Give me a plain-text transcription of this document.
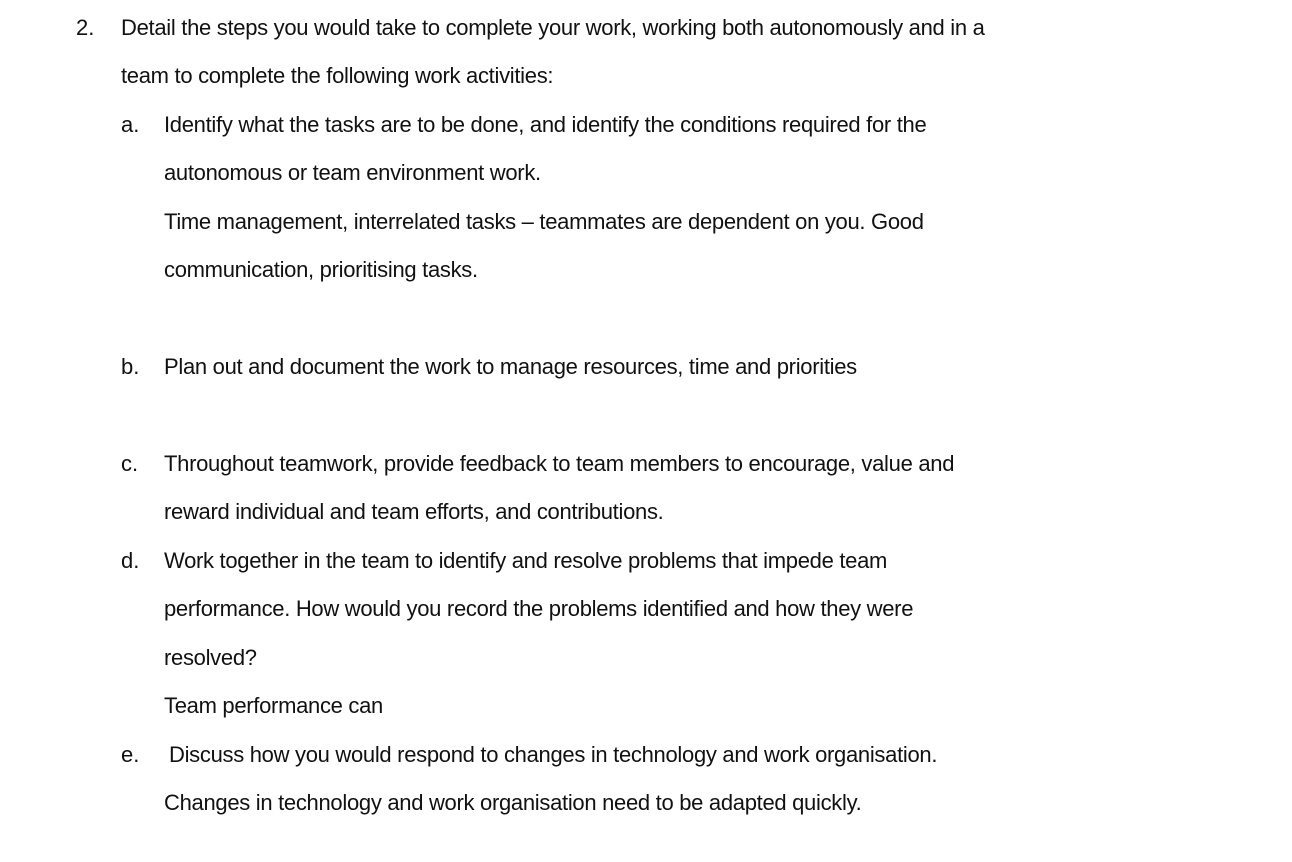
2. Detail the steps you would take to complete your work, working both autonomously and in a
team to complete the following work activities:
a. Identify what the tasks are to be done, and identify the conditions required for the
autonomous or team environment work.
Time management, interrelated tasks – teammates are dependent on you. Good
communication, prioritising tasks.
b. Plan out and document the work to manage resources, time and priorities
c. Throughout teamwork, provide feedback to team members to encourage, value and
reward individual and team efforts, and contributions.
d. Work together in the team to identify and resolve problems that impede team
performance. How would you record the problems identified and how they were
resolved?
Team performance can
e. Discuss how you would respond to changes in technology and work organisation.
Changes in technology and work organisation need to be adapted quickly.
